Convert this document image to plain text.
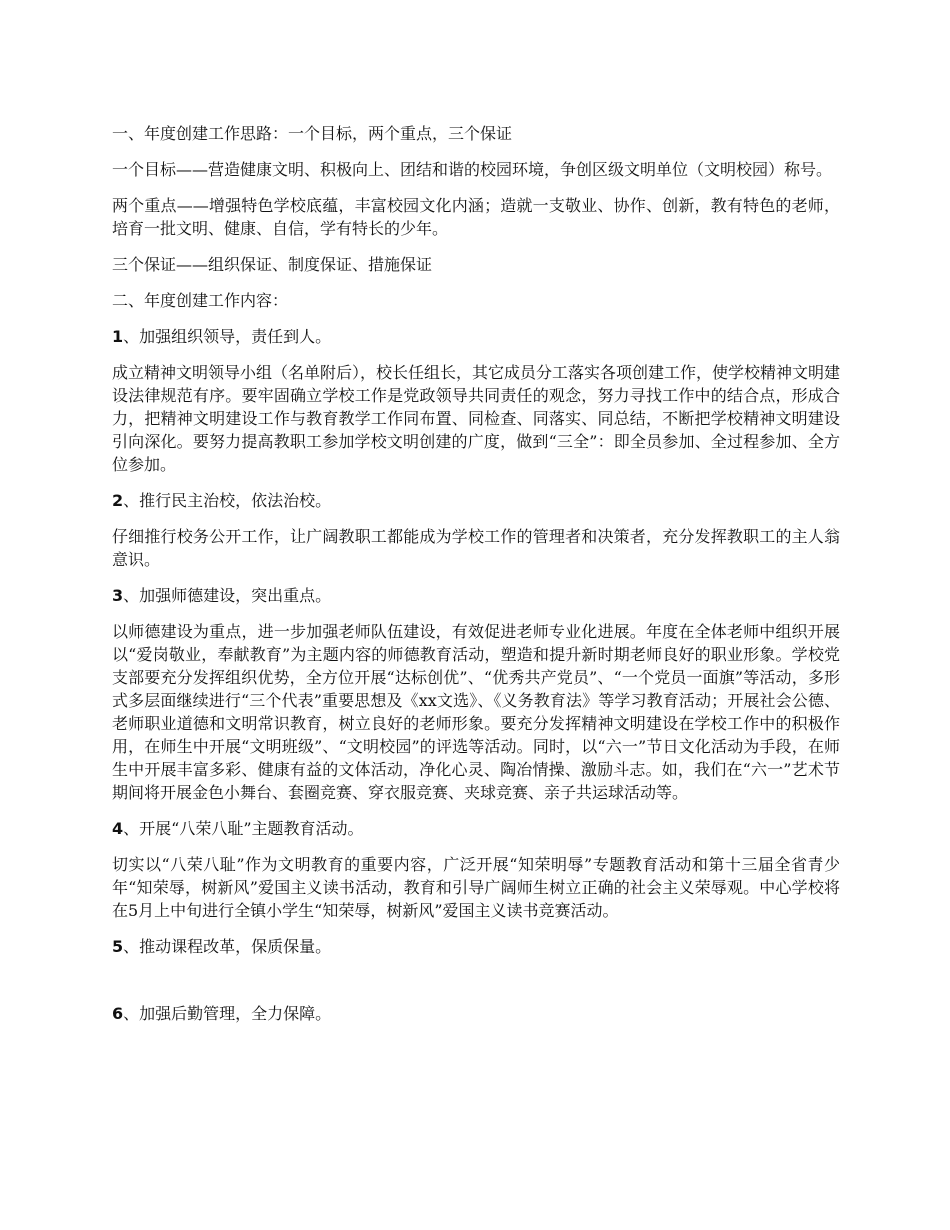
一、年度创建工作思路：一个目标，两个重点，三个保证

一个目标——营造健康文明、积极向上、团结和谐的校园环境，争创区级文明单位（文明校园）称号。

两个重点——增强特色学校底蕴，丰富校园文化内涵；造就一支敬业、协作、创新，教有特色的老师，培育一批文明、健康、自信，学有特长的少年。

三个保证——组织保证、制度保证、措施保证

二、年度创建工作内容：

1、加强组织领导，责任到人。

成立精神文明领导小组（名单附后），校长任组长，其它成员分工落实各项创建工作，使学校精神文明建设法律规范有序。要牢固确立学校工作是党政领导共同责任的观念，努力寻找工作中的结合点，形成合力，把精神文明建设工作与教育教学工作同布置、同检查、同落实、同总结，不断把学校精神文明建设引向深化。要努力提高教职工参加学校文明创建的广度，做到“三全”：即全员参加、全过程参加、全方位参加。

2、推行民主治校，依法治校。

仔细推行校务公开工作，让广阔教职工都能成为学校工作的管理者和决策者，充分发挥教职工的主人翁意识。

3、加强师德建设，突出重点。

以师德建设为重点，进一步加强老师队伍建设，有效促进老师专业化进展。年度在全体老师中组织开展以“爱岗敬业，奉献教育”为主题内容的师德教育活动，塑造和提升新时期老师良好的职业形象。学校党支部要充分发挥组织优势，全方位开展“达标创优”、“优秀共产党员”、“一个党员一面旗”等活动，多形式多层面继续进行“三个代表”重要思想及《xx文选》、《义务教育法》等学习教育活动；开展社会公德、老师职业道德和文明常识教育，树立良好的老师形象。要充分发挥精神文明建设在学校工作中的积极作用，在师生中开展“文明班级”、“文明校园”的评选等活动。同时，以“六一”节日文化活动为手段，在师生中开展丰富多彩、健康有益的文体活动，净化心灵、陶冶情操、激励斗志。如，我们在“六一”艺术节期间将开展金色小舞台、套圈竞赛、穿衣服竞赛、夹球竞赛、亲子共运球活动等。

4、开展“八荣八耻”主题教育活动。

切实以“八荣八耻”作为文明教育的重要内容，广泛开展“知荣明辱”专题教育活动和第十三届全省青少年“知荣辱，树新风”爱国主义读书活动，教育和引导广阔师生树立正确的社会主义荣辱观。中心学校将在5月上中旬进行全镇小学生“知荣辱，树新风”爱国主义读书竞赛活动。

5、推动课程改革，保质保量。

6、加强后勤管理，全力保障。
